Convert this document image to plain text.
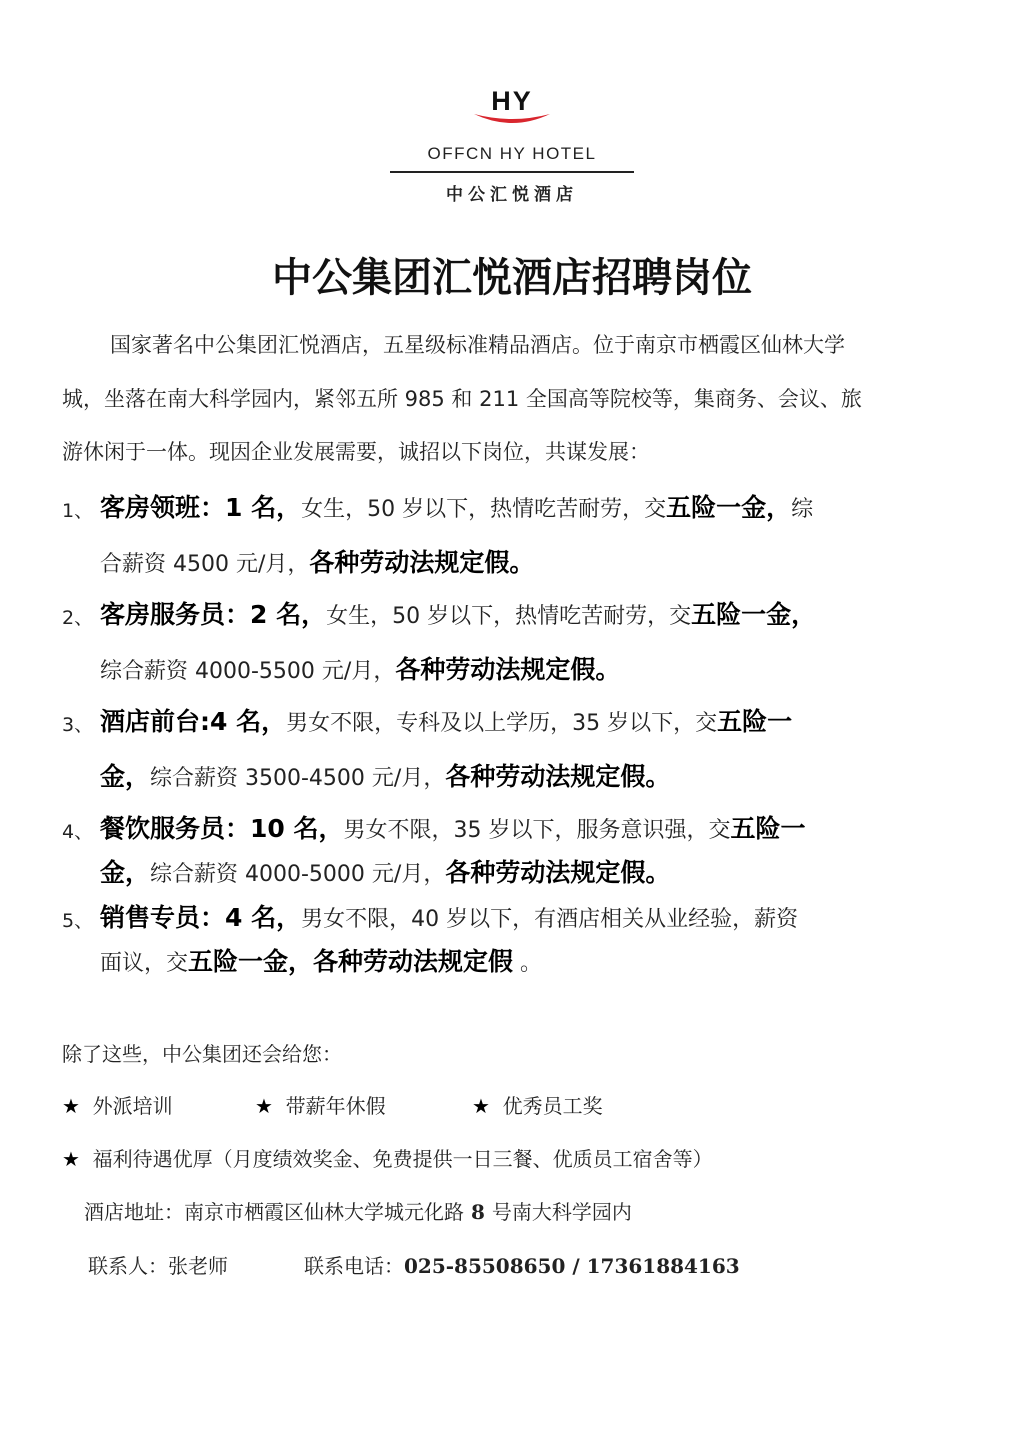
HY
OFFCN HY HOTEL
中公汇悦酒店
中公集团汇悦酒店招聘岗位
国家著名中公集团汇悦酒店，五星级标准精品酒店。位于南京市栖霞区仙林大学
城，坐落在南大科学园内，紧邻五所 985 和 211 全国高等院校等，集商务、会议、旅
游休闲于一体。现因企业发展需要，诚招以下岗位，共谋发展：
1、 客房领班：1 名，女生，50 岁以下，热情吃苦耐劳，交五险一金，综
合薪资 4500 元/月，各种劳动法规定假。
2、 客房服务员：2 名，女生，50 岁以下，热情吃苦耐劳，交五险一金，
综合薪资 4000-5500 元/月，各种劳动法规定假。
3、 酒店前台:4 名，男女不限，专科及以上学历，35 岁以下，交五险一
金，综合薪资 3500-4500 元/月，各种劳动法规定假。
4、 餐饮服务员：10 名，男女不限，35 岁以下，服务意识强，交五险一
金，综合薪资 4000-5000 元/月，各种劳动法规定假。
5、 销售专员：4 名，男女不限，40 岁以下，有酒店相关从业经验，薪资
面议，交五险一金，各种劳动法规定假 。
除了这些，中公集团还会给您：
★ 外派培训	★ 带薪年休假	★ 优秀员工奖
★ 福利待遇优厚（月度绩效奖金、免费提供一日三餐、优质员工宿舍等）
酒店地址：南京市栖霞区仙林大学城元化路 8 号南大科学园内
联系人：张老师	联系电话：025-85508650 / 17361884163
